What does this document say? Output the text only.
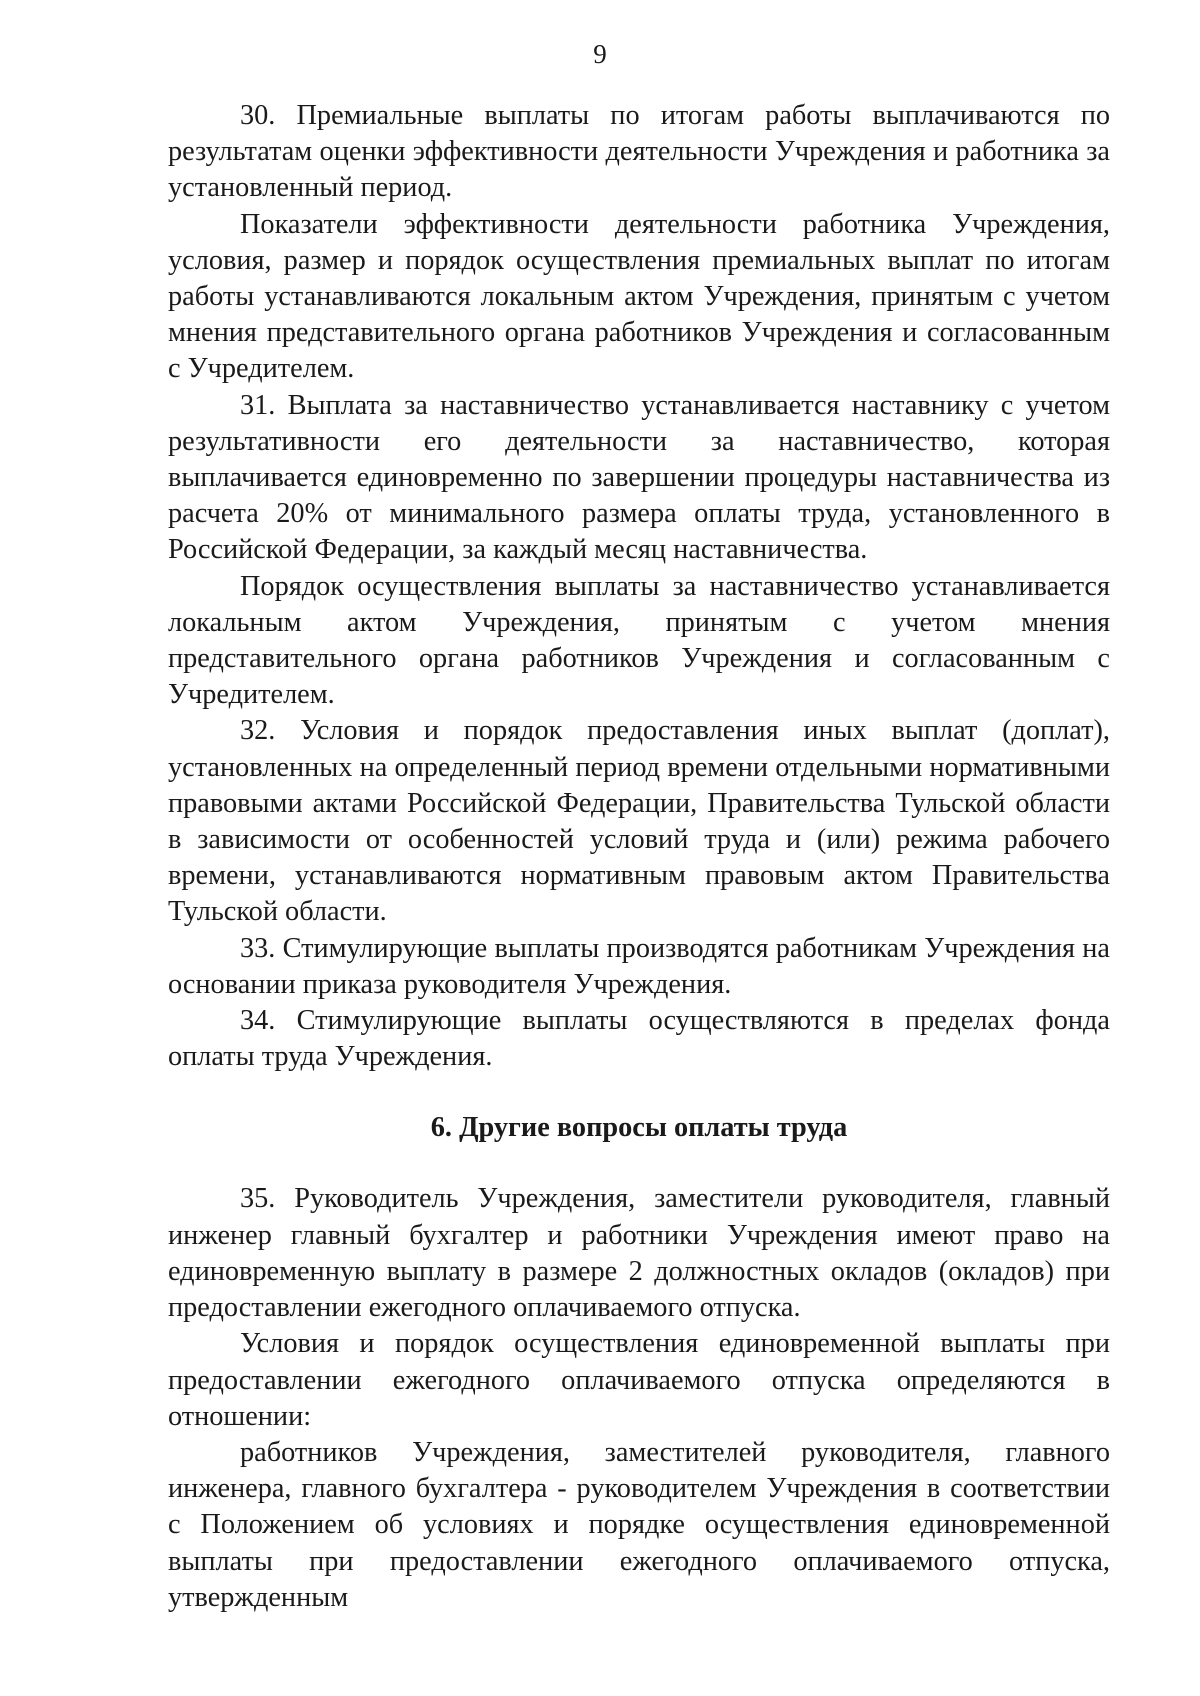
9

30. Премиальные выплаты по итогам работы выплачиваются по результатам оценки эффективности деятельности Учреждения и работника за установленный период.

Показатели эффективности деятельности работника Учреждения, условия, размер и порядок осуществления премиальных выплат по итогам работы устанавливаются локальным актом Учреждения, принятым с учетом мнения представительного органа работников Учреждения и согласованным с Учредителем.

31. Выплата за наставничество устанавливается наставнику с учетом результативности его деятельности за наставничество, которая выплачивается единовременно по завершении процедуры наставничества из расчета 20% от минимального размера оплаты труда, установленного в Российской Федерации, за каждый месяц наставничества.

Порядок осуществления выплаты за наставничество устанавливается локальным актом Учреждения, принятым с учетом мнения представительного органа работников Учреждения и согласованным с Учредителем.

32. Условия и порядок предоставления иных выплат (доплат), установленных на определенный период времени отдельными нормативными правовыми актами Российской Федерации, Правительства Тульской области в зависимости от особенностей условий труда и (или) режима рабочего времени, устанавливаются нормативным правовым актом Правительства Тульской области.

33. Стимулирующие выплаты производятся работникам Учреждения на основании приказа руководителя Учреждения.

34. Стимулирующие выплаты осуществляются в пределах фонда оплаты труда Учреждения.

6. Другие вопросы оплаты труда

35. Руководитель Учреждения, заместители руководителя, главный инженер главный бухгалтер и работники Учреждения имеют право на единовременную выплату в размере 2 должностных окладов (окладов) при предоставлении ежегодного оплачиваемого отпуска.

Условия и порядок осуществления единовременной выплаты при предоставлении ежегодного оплачиваемого отпуска определяются в отношении:

работников Учреждения, заместителей руководителя, главного инженера, главного бухгалтера - руководителем Учреждения в соответствии с Положением об условиях и порядке осуществления единовременной выплаты при предоставлении ежегодного оплачиваемого отпуска, утвержденным
